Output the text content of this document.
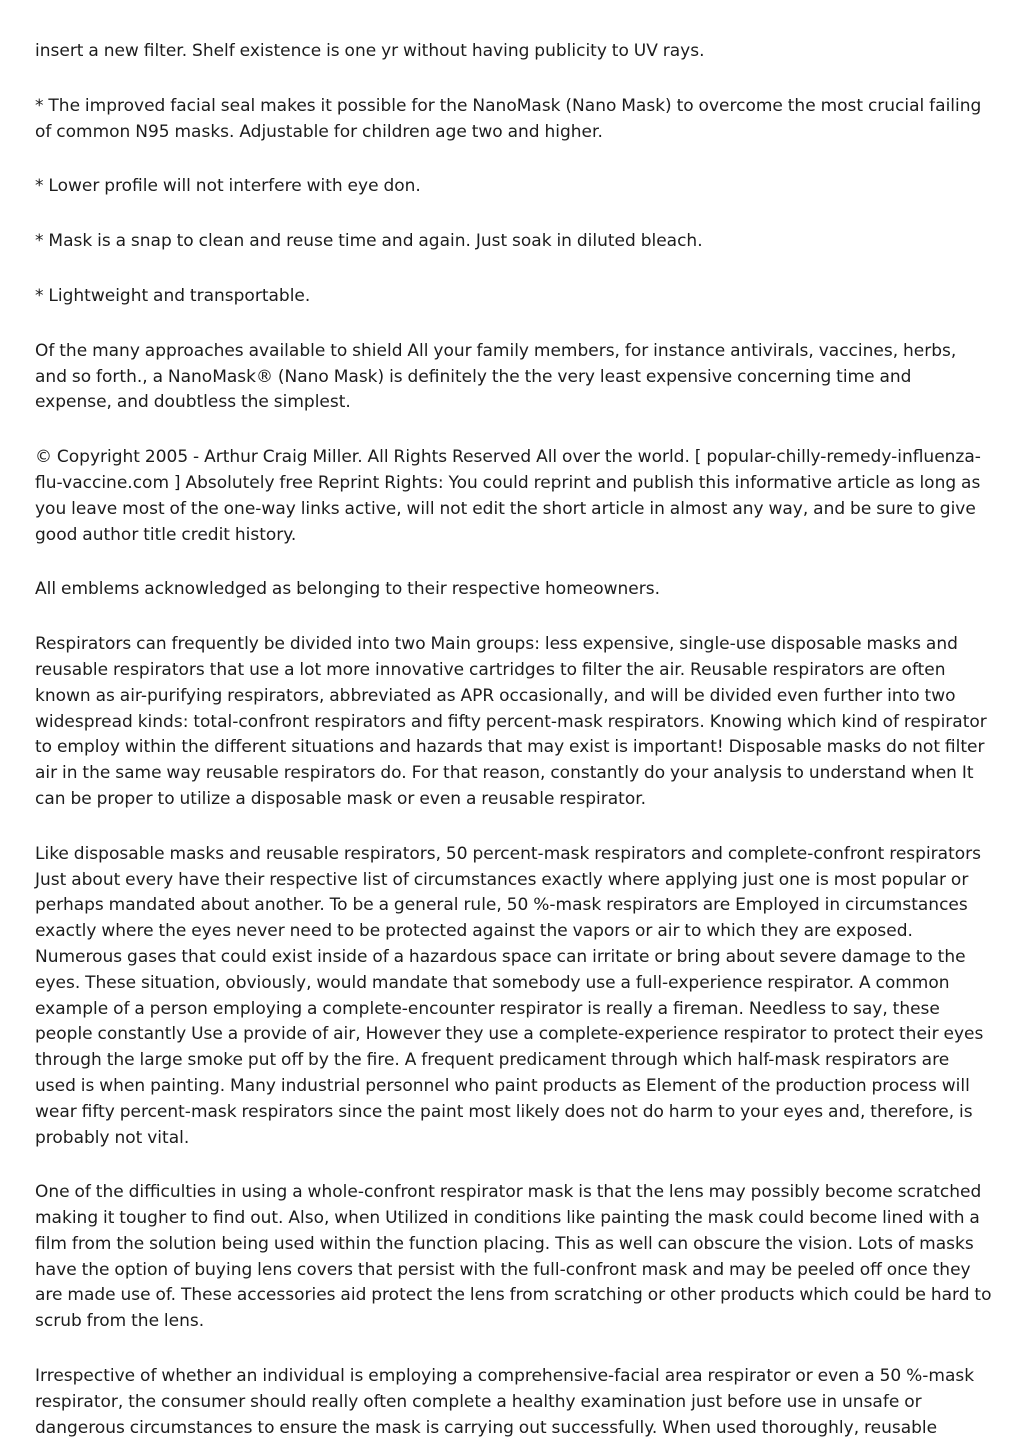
insert a new filter. Shelf existence is one yr without having publicity to UV rays.

* The improved facial seal makes it possible for the NanoMask (Nano Mask) to overcome the most crucial failing of common N95 masks. Adjustable for children age two and higher.

* Lower profile will not interfere with eye don.

* Mask is a snap to clean and reuse time and again. Just soak in diluted bleach.

* Lightweight and transportable.

Of the many approaches available to shield All your family members, for instance antivirals, vaccines, herbs, and so forth., a NanoMask® (Nano Mask) is definitely the the very least expensive concerning time and expense, and doubtless the simplest.

© Copyright 2005 - Arthur Craig Miller. All Rights Reserved All over the world. [ popular-chilly-remedy-influenza-flu-vaccine.com ] Absolutely free Reprint Rights: You could reprint and publish this informative article as long as you leave most of the one-way links active, will not edit the short article in almost any way, and be sure to give good author title credit history.

All emblems acknowledged as belonging to their respective homeowners.

Respirators can frequently be divided into two Main groups: less expensive, single-use disposable masks and reusable respirators that use a lot more innovative cartridges to filter the air. Reusable respirators are often known as air-purifying respirators, abbreviated as APR occasionally, and will be divided even further into two widespread kinds: total-confront respirators and fifty percent-mask respirators. Knowing which kind of respirator to employ within the different situations and hazards that may exist is important! Disposable masks do not filter air in the same way reusable respirators do. For that reason, constantly do your analysis to understand when It can be proper to utilize a disposable mask or even a reusable respirator.

Like disposable masks and reusable respirators, 50 percent-mask respirators and complete-confront respirators Just about every have their respective list of circumstances exactly where applying just one is most popular or perhaps mandated about another. To be a general rule, 50 %-mask respirators are Employed in circumstances exactly where the eyes never need to be protected against the vapors or air to which they are exposed. Numerous gases that could exist inside of a hazardous space can irritate or bring about severe damage to the eyes. These situation, obviously, would mandate that somebody use a full-experience respirator. A common example of a person employing a complete-encounter respirator is really a fireman. Needless to say, these people constantly Use a provide of air, However they use a complete-experience respirator to protect their eyes through the large smoke put off by the fire. A frequent predicament through which half-mask respirators are used is when painting. Many industrial personnel who paint products as Element of the production process will wear fifty percent-mask respirators since the paint most likely does not do harm to your eyes and, therefore, is probably not vital.

One of the difficulties in using a whole-confront respirator mask is that the lens may possibly become scratched making it tougher to find out. Also, when Utilized in conditions like painting the mask could become lined with a film from the solution being used within the function placing. This as well can obscure the vision. Lots of masks have the option of buying lens covers that persist with the full-confront mask and may be peeled off once they are made use of. These accessories aid protect the lens from scratching or other products which could be hard to scrub from the lens.

Irrespective of whether an individual is employing a comprehensive-facial area respirator or even a 50 %-mask respirator, the consumer should really often complete a healthy examination just before use in unsafe or dangerous circumstances to ensure the mask is carrying out successfully. When used thoroughly, reusable
